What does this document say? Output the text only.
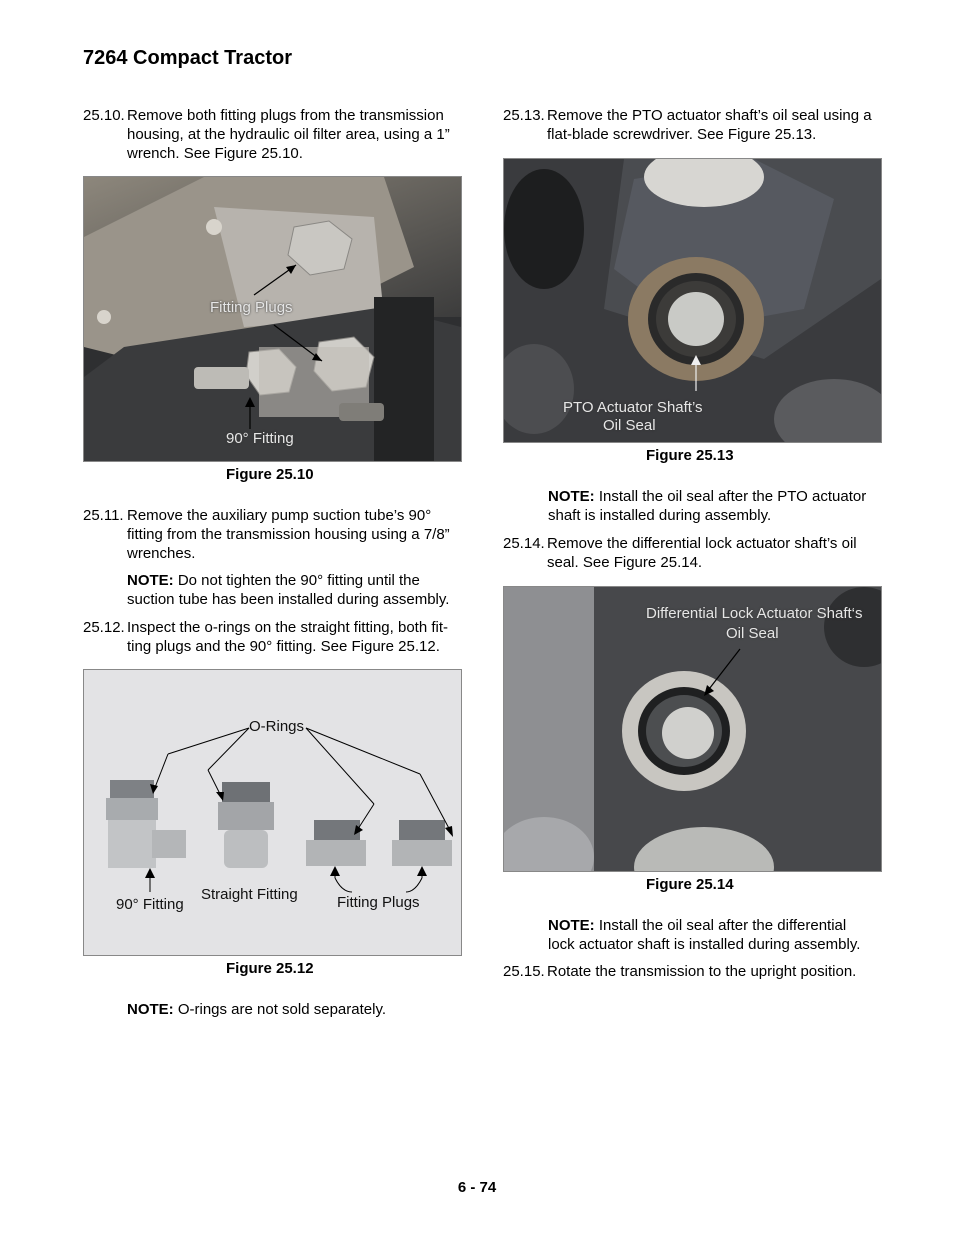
7264 Compact Tractor
25.10. Remove both fitting plugs from the transmission
housing, at the hydraulic oil filter area, using a 1”
wrench. See Figure 25.10.
Fitting Plugs
90° Fitting
Figure 25.10
25.11. Remove the auxiliary pump suction tube’s 90°
fitting from the transmission housing using a 7/8”
wrenches.
NOTE: Do not tighten the 90° fitting until the
suction tube has been installed during assembly.
25.12. Inspect the o-rings on the straight fitting, both fit-
ting plugs and the 90° fitting. See Figure 25.12.
O-Rings
90° Fitting
Straight Fitting	Fitting Plugs
Figure 25.12
NOTE: O-rings are not sold separately.
25.13. Remove the PTO actuator shaft’s oil seal using a
flat-blade screwdriver. See Figure 25.13.
PTO Actuator Shaft’s
Oil Seal
Figure 25.13
NOTE: Install the oil seal after the PTO actuator
shaft is installed during assembly.
25.14. Remove the differential lock actuator shaft’s oil
seal. See Figure 25.14.
Differential Lock Actuator Shaft‘s
Oil Seal
Figure 25.14
NOTE: Install the oil seal after the differential
lock actuator shaft is installed during assembly.
25.15. Rotate the transmission to the upright position.
6 - 74
